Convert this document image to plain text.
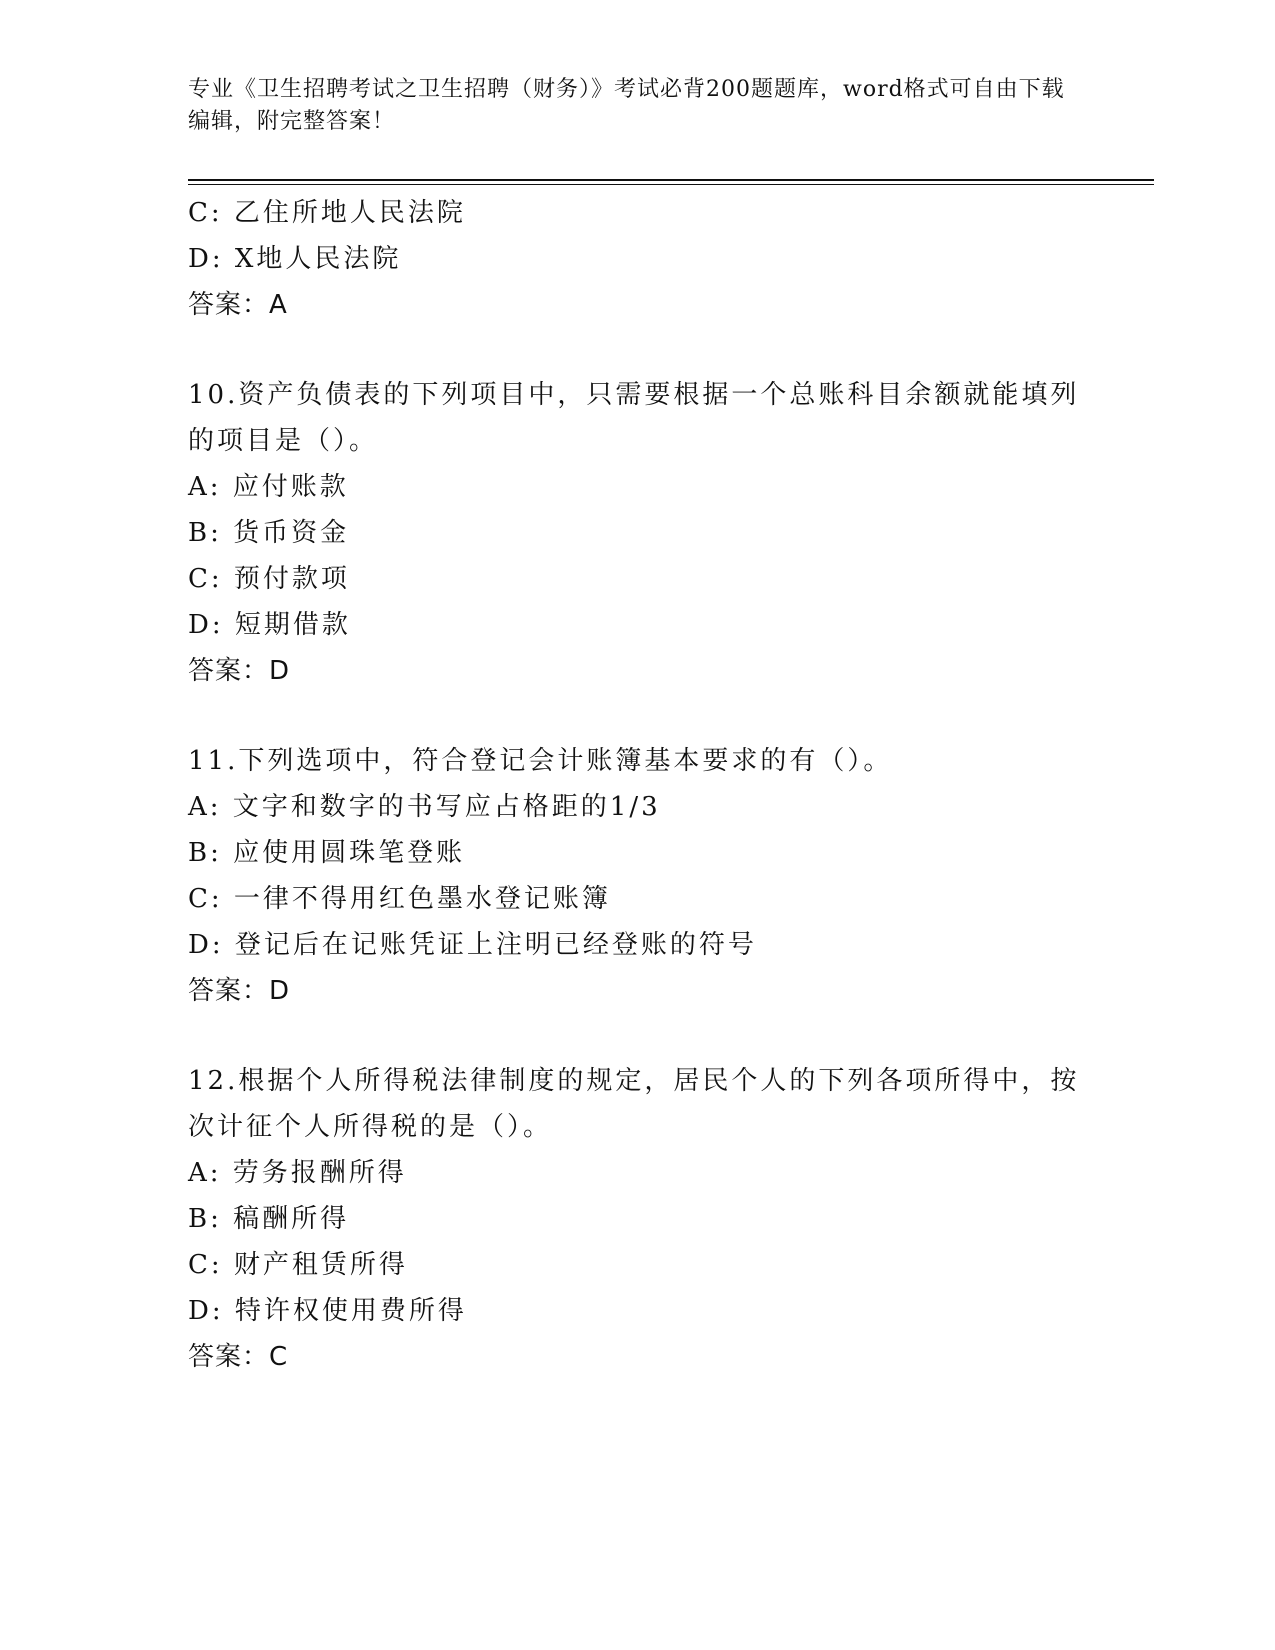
专业《卫生招聘考试之卫生招聘（财务）》考试必背200题题库，word格式可自由下载编辑，附完整答案！
C: 乙住所地人民法院
D: X地人民法院
答案：A
10.资产负债表的下列项目中，只需要根据一个总账科目余额就能填列的项目是（）。
A: 应付账款
B: 货币资金
C: 预付款项
D: 短期借款
答案：D
11.下列选项中，符合登记会计账簿基本要求的有（）。
A: 文字和数字的书写应占格距的1/3
B: 应使用圆珠笔登账
C: 一律不得用红色墨水登记账簿
D: 登记后在记账凭证上注明已经登账的符号
答案：D
12.根据个人所得税法律制度的规定，居民个人的下列各项所得中，按次计征个人所得税的是（）。
A: 劳务报酬所得
B: 稿酬所得
C: 财产租赁所得
D: 特许权使用费所得
答案：C
